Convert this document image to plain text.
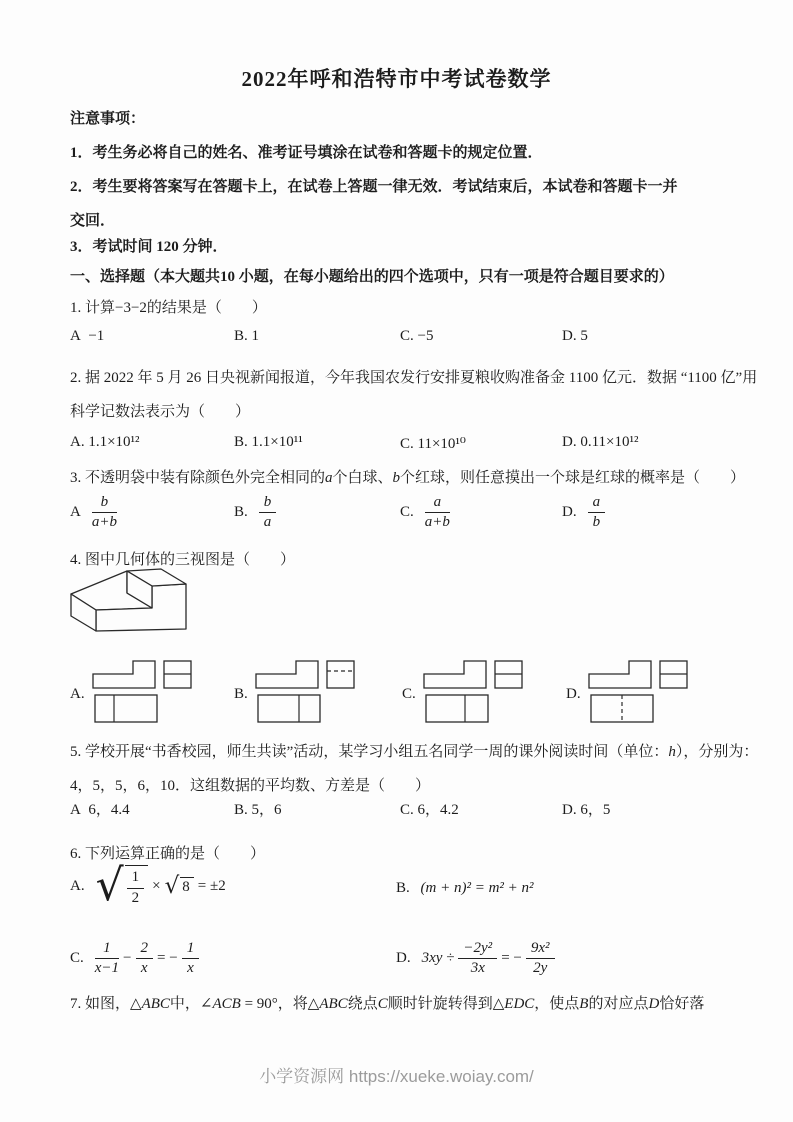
2022年呼和浩特市中考试卷数学
注意事项：
1．考生务必将自己的姓名、准考证号填涂在试卷和答题卡的规定位置．
2．考生要将答案写在答题卡上，在试卷上答题一律无效．考试结束后，本试卷和答题卡一并
交回．
3．考试时间 120 分钟．
一、选择题（本大题共10 小题，在每小题给出的四个选项中，只有一项是符合题目要求的）
1. 计算−3−2的结果是（　　）
A −1	B. 1	C. −5	D. 5
2. 据 2022 年 5 月 26 日央视新闻报道，今年我国农发行安排夏粮收购准备金 1100 亿元．数据 “1100 亿”用
科学记数法表示为（　　）
A. 1.1×10¹²	B. 1.1×10¹¹	C. 11×10¹⁰	D. 0.11×10¹²
3. 不透明袋中装有除颜色外完全相同的a个白球、b个红球，则任意摸出一个球是红球的概率是（　　）
A $\frac{b}{a+b}$	B. $\frac{b}{a}$	C. $\frac{a}{a+b}$	D. $\frac{a}{b}$
4. 图中几何体的三视图是（　　）
A.	B.	C.	D.
5. 学校开展“书香校园，师生共读”活动，某学习小组五名同学一周的课外阅读时间（单位：h），分别为：
4，5，5，6，10．这组数据的平均数、方差是（　　）
A 6，4.4	B. 5，6	C. 6，4.2	D. 6，5
6. 下列运算正确的是（　　）
A. √ $\frac{1}{2}$ × √ 8 = ±2	B. (m + n)² = m² + n²
C. $\frac{1}{x-1} - \frac{2}{x}$ = − $\frac{1}{x}$	D. $3xy \div \frac{\text{−2y²}}{3x}$ = − $\frac{\text{9x²}}{2y}$
7. 如图，△ABC中，∠ACB = 90°，将△ABC绕点C顺时针旋转得到△EDC，使点B的对应点D恰好落
小学资源网 https://xueke.woiay.com/
